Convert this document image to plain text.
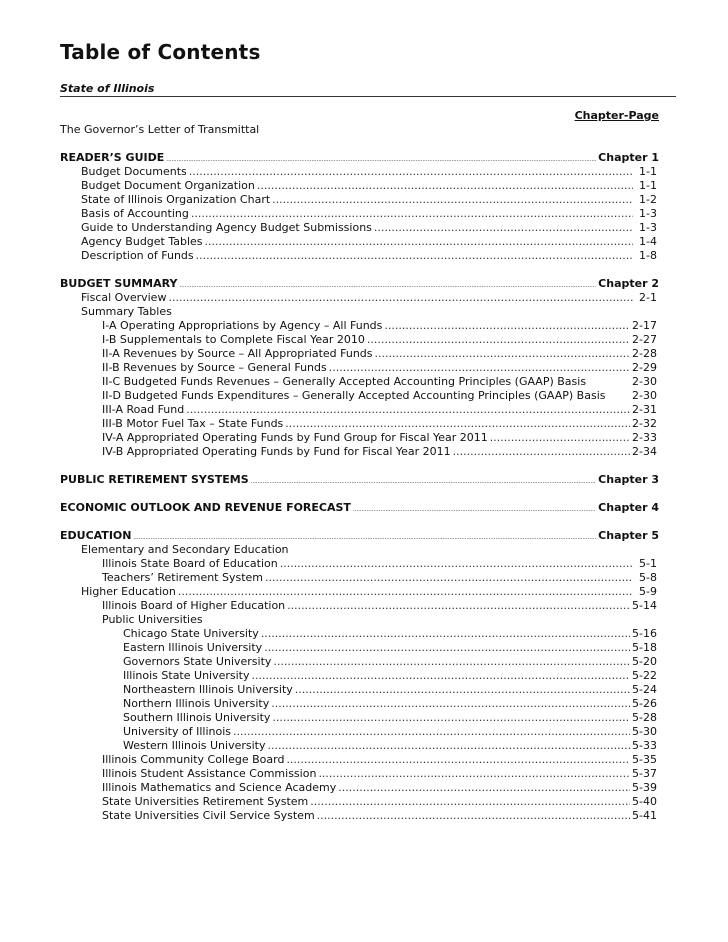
Table of Contents
State of Illinois
Chapter-Page
The Governor’s Letter of Transmittal
READER’S GUIDE .....	Chapter 1
Budget Documents .....	1-1
Budget Document Organization .....	1-1
State of Illinois Organization Chart .....	1-2
Basis of Accounting .....	1-3
Guide to Understanding Agency Budget Submissions .....	1-3
Agency Budget Tables .....	1-4
Description of Funds .....	1-8
BUDGET SUMMARY .....	Chapter 2
Fiscal Overview .....	2-1
Summary Tables
I-A Operating Appropriations by Agency – All Funds .....	2-17
I-B Supplementals to Complete Fiscal Year 2010 .....	2-27
II-A Revenues by Source – All Appropriated Funds .....	2-28
II-B Revenues by Source – General Funds .....	2-29
II-C Budgeted Funds Revenues – Generally Accepted Accounting Principles (GAAP) Basis	2-30
II-D Budgeted Funds Expenditures – Generally Accepted Accounting Principles (GAAP) Basis 2-30
III-A Road Fund .....	2-31
III-B Motor Fuel Tax – State Funds .....	2-32
IV-A Appropriated Operating Funds by Fund Group for Fiscal Year 2011 .....	2-33
IV-B Appropriated Operating Funds by Fund for Fiscal Year 2011 .....	2-34
PUBLIC RETIREMENT SYSTEMS .....	Chapter 3
ECONOMIC OUTLOOK AND REVENUE FORECAST .....	Chapter 4
EDUCATION .....	Chapter 5
Elementary and Secondary Education
Illinois State Board of Education .....	5-1
Teachers’ Retirement System .....	5-8
Higher Education .....	5-9
Illinois Board of Higher Education .....	5-14
Public Universities
Chicago State University .....	5-16
Eastern Illinois University .....	5-18
Governors State University .....	5-20
Illinois State University .....	5-22
Northeastern Illinois University .....	5-24
Northern Illinois University .....	5-26
Southern Illinois University .....	5-28
University of Illinois .....	5-30
Western Illinois University .....	5-33
Illinois Community College Board .....	5-35
Illinois Student Assistance Commission .....	5-37
Illinois Mathematics and Science Academy .....	5-39
State Universities Retirement System .....	5-40
State Universities Civil Service System .....	5-41
